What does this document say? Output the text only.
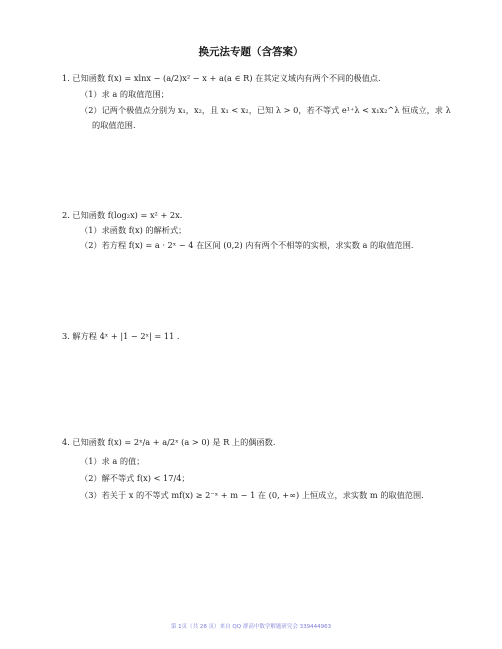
换元法专题（含答案）
1. 已知函数 f(x) = xlnx − (a/2)x² − x + a(a ∈ R) 在其定义域内有两个不同的极值点.
（1）求 a 的取值范围；
（2）记两个极值点分别为 x₁，x₂，且 x₁ < x₂，已知 λ > 0，若不等式 e¹⁺λ < x₁x₂^λ 恒成立，求 λ
的取值范围.
2. 已知函数 f(log₂x) = x² + 2x.
（1）求函数 f(x) 的解析式；
（2）若方程 f(x) = a · 2ˣ − 4 在区间 (0,2) 内有两个不相等的实根，求实数 a 的取值范围.
3. 解方程 4ˣ + |1 − 2ˣ| = 11 .
4. 已知函数 f(x) = 2ˣ/a + a/2ˣ (a > 0) 是 R 上的偶函数.
（1）求 a 的值；
（2）解不等式 f(x) < 17/4；
（3）若关于 x 的不等式 mf(x) ≥ 2⁻ˣ + m − 1 在 (0, +∞) 上恒成立，求实数 m 的取值范围.
第 1页（共 28 页）来自 QQ 群高中数学解题研究会 339444963
